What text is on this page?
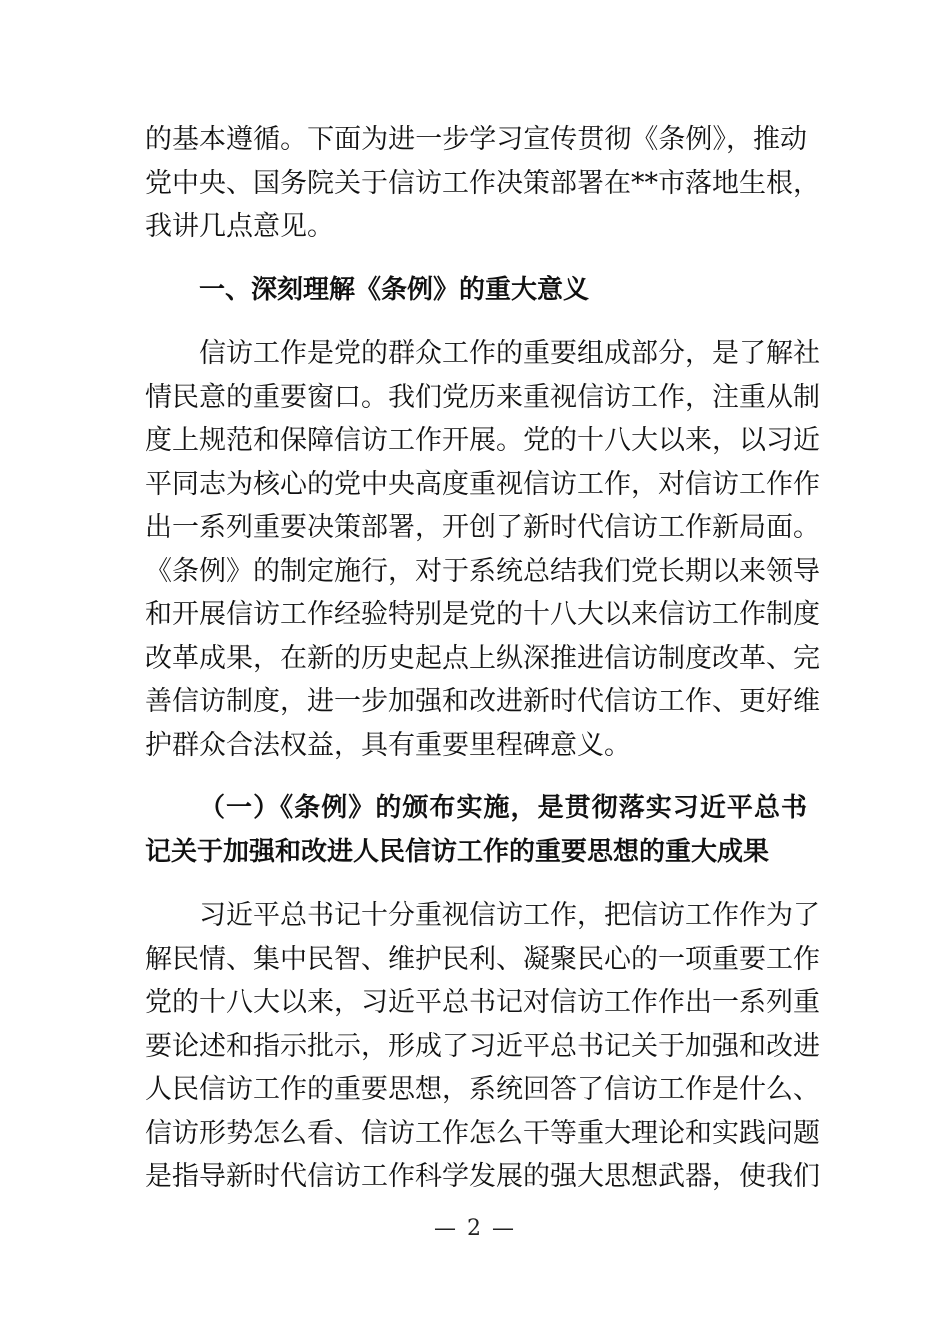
的基本遵循。下面为进一步学习宣传贯彻《条例》，推动
党中央、国务院关于信访工作决策部署在**市落地生根，
我讲几点意见。
一、深刻理解《条例》的重大意义
　　信访工作是党的群众工作的重要组成部分，是了解社
情民意的重要窗口。我们党历来重视信访工作，注重从制
度上规范和保障信访工作开展。党的十八大以来，以习近
平同志为核心的党中央高度重视信访工作，对信访工作作
出一系列重要决策部署，开创了新时代信访工作新局面。
《条例》的制定施行，对于系统总结我们党长期以来领导
和开展信访工作经验特别是党的十八大以来信访工作制度
改革成果，在新的历史起点上纵深推进信访制度改革、完
善信访制度，进一步加强和改进新时代信访工作、更好维
护群众合法权益，具有重要里程碑意义。
（一）《条例》的颁布实施，是贯彻落实习近平总书
记关于加强和改进人民信访工作的重要思想的重大成果
　　习近平总书记十分重视信访工作，把信访工作作为了
解民情、集中民智、维护民利、凝聚民心的一项重要工作
党的十八大以来，习近平总书记对信访工作作出一系列重
要论述和指示批示，形成了习近平总书记关于加强和改进
人民信访工作的重要思想，系统回答了信访工作是什么、
信访形势怎么看、信访工作怎么干等重大理论和实践问题
是指导新时代信访工作科学发展的强大思想武器，使我们
— 2 —
